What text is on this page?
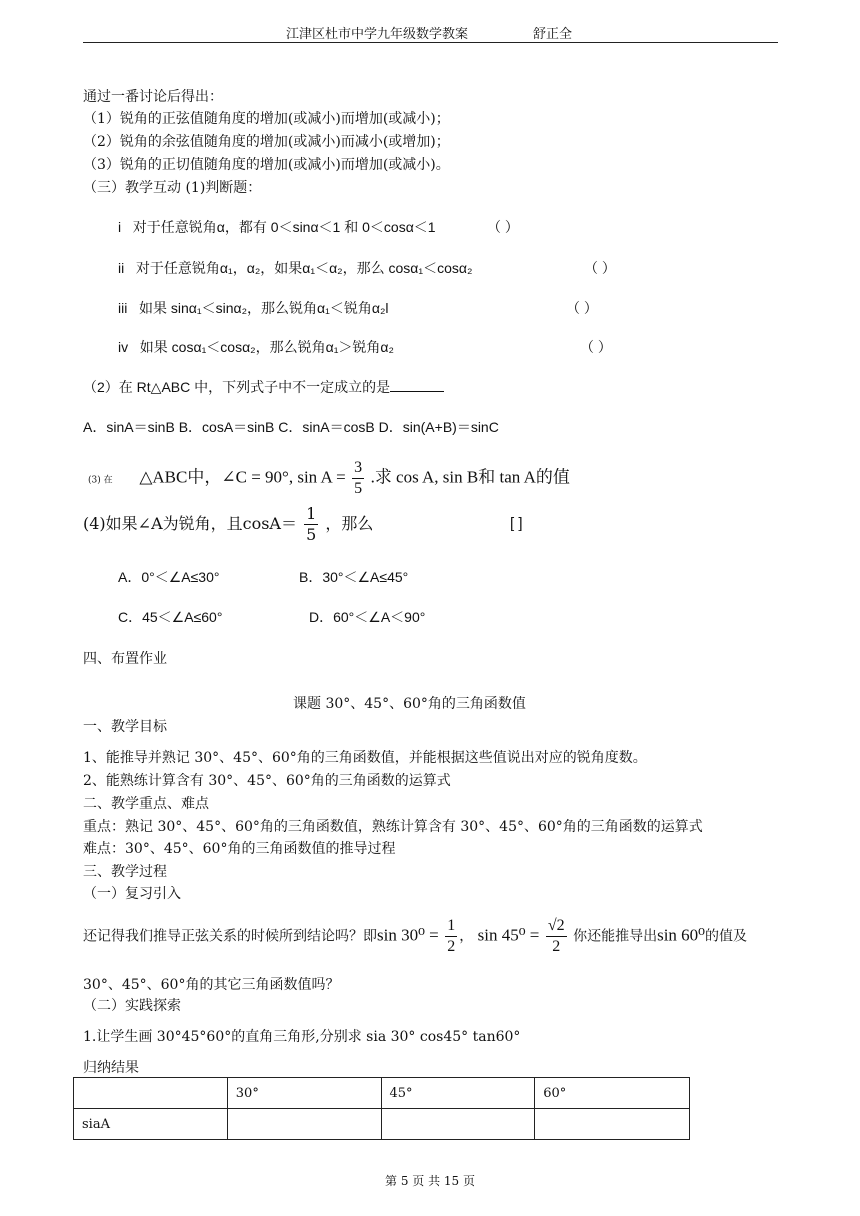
江津区杜市中学九年级数学教案	舒正全
通过一番讨论后得出：
（1）锐角的正弦值随角度的增加(或减小)而增加(或减小)；
（2）锐角的余弦值随角度的增加(或减小)而减小(或增加)；
（3）锐角的正切值随角度的增加(或减小)而增加(或减小)。
（三）教学互动 (1)判断题：
i 对于任意锐角α，都有 0＜sinα＜1 和 0＜cosα＜1	（ ）
ii 对于任意锐角α₁，α₂，如果α₁＜α₂，那么 cosα₁＜cosα₂	（ ）
iii 如果 sinα₁＜sinα₂，那么锐角α₁＜锐角α₂l	（ ）
iv 如果 cosα₁＜cosα₂，那么锐角α₁＞锐角α₂	（ ）
（2）在 Rt△ABC 中，下列式子中不一定成立的是
A．sinA＝sinB B．cosA＝sinB C．sinA＝cosB D．sin(A+B)＝sinC
(3) 在 △ABC中，∠C = 90°, $\sin A = \frac{3}{5}$ .求 cos A, sin B和 tan A的值
(4)如果∠A为锐角，且$\cos A= \frac{1}{5}$ ，那么	[ ]
A．0°＜∠A≤30°	B．30°＜∠A≤45°
C．45＜∠A≤60°	D．60°＜∠A＜90°
四、布置作业
课题 30°、45°、60°角的三角函数值
一、教学目标
1、能推导并熟记 30°、45°、60°角的三角函数值，并能根据这些值说出对应的锐角度数。
2、能熟练计算含有 30°、45°、60°角的三角函数的运算式
二、教学重点、难点
重点：熟记 30°、45°、60°角的三角函数值，熟练计算含有 30°、45°、60°角的三角函数的运算式
难点：30°、45°、60°角的三角函数值的推导过程
三、教学过程
（一）复习引入
还记得我们推导正弦关系的时候所到结论吗？即$\sin 30^0 = \frac{1}{2}$ ， $\sin 45^0 = \frac{√2}{2}$ 你还能推导出sin 60⁰的值及
30°、45°、60°角的其它三角函数值吗？
（二）实践探索
1.让学生画 30°45°60°的直角三角形,分别求 sia 30° cos45° tan60°
归纳结果
	30°	45°	60°
siaA			
第 5 页 共 15 页
